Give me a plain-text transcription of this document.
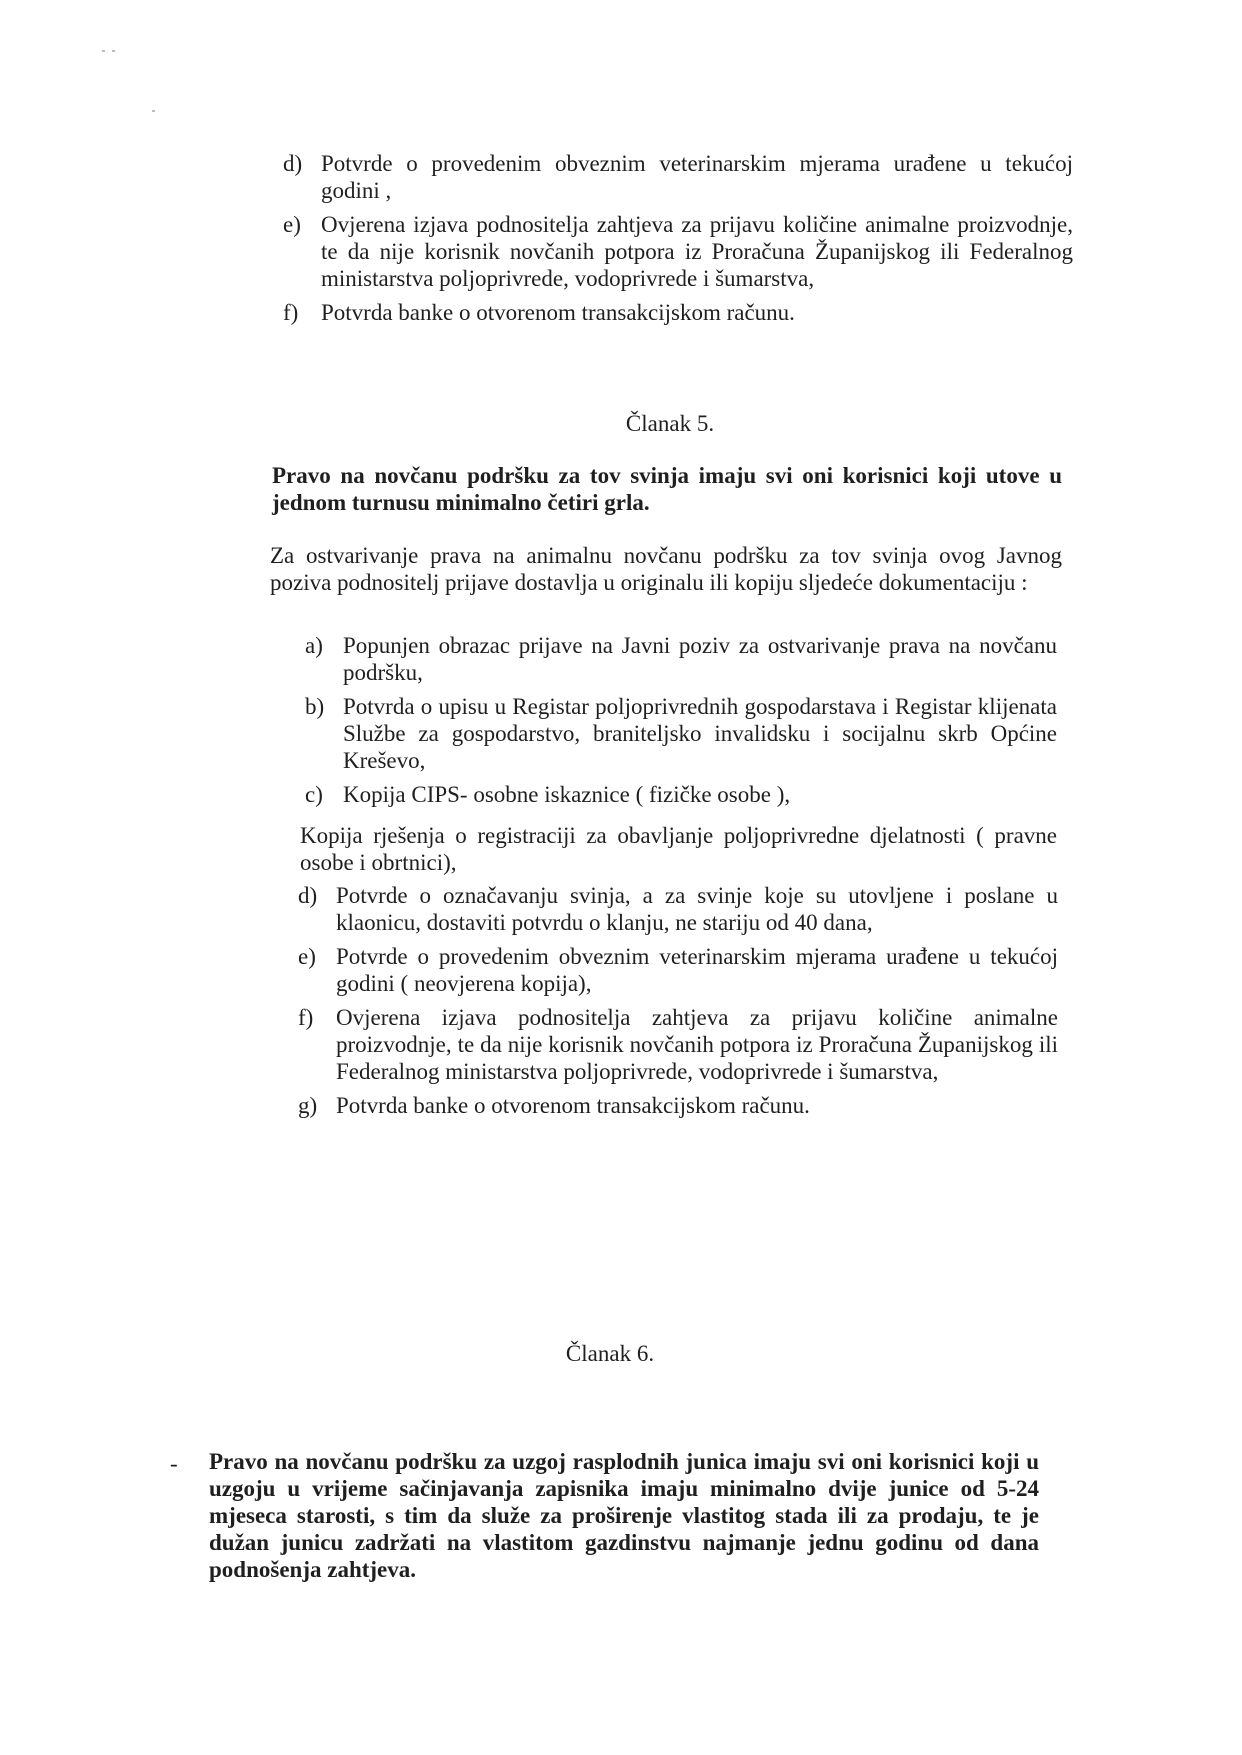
d) Potvrde o provedenim obveznim veterinarskim mjerama urađene u tekućoj godini ,
e) Ovjerena izjava podnositelja zahtjeva za prijavu količine animalne proizvodnje, te da nije korisnik novčanih potpora iz Proračuna Županijskog ili Federalnog ministarstva poljoprivrede, vodoprivrede i šumarstva,
f) Potvrda banke o otvorenom transakcijskom računu.
Članak 5.
Pravo na novčanu podršku za tov svinja imaju svi oni korisnici koji utove u jednom turnusu minimalno četiri grla.
Za ostvarivanje prava na animalnu novčanu podršku za tov svinja ovog Javnog poziva podnositelj prijave dostavlja u originalu ili kopiju sljedeće dokumentaciju :
a) Popunjen obrazac prijave na Javni poziv za ostvarivanje prava na novčanu podršku,
b) Potvrda o upisu u Registar poljoprivrednih gospodarstava i Registar klijenata Službe za gospodarstvo, braniteljsko invalidsku i socijalnu skrb Općine Kreševo,
c) Kopija CIPS- osobne iskaznice ( fizičke osobe ),
Kopija rješenja o registraciji za obavljanje poljoprivredne djelatnosti ( pravne osobe i obrtnici),
d) Potvrde o označavanju svinja, a za svinje koje su utovljene i poslane u klaonicu, dostaviti potvrdu o klanju, ne stariju od 40 dana,
e) Potvrde o provedenim obveznim veterinarskim mjerama urađene u tekućoj godini ( neovjerena kopija),
f) Ovjerena izjava podnositelja zahtjeva za prijavu količine animalne proizvodnje, te da nije korisnik novčanih potpora iz Proračuna Županijskog ili Federalnog ministarstva poljoprivrede, vodoprivrede i šumarstva,
g) Potvrda banke o otvorenom transakcijskom računu.
Članak 6.
- Pravo na novčanu podršku za uzgoj rasplodnih junica imaju svi oni korisnici koji u uzgoju u vrijeme sačinjavanja zapisnika imaju minimalno dvije junice od 5-24 mjeseca starosti, s tim da služe za proširenje vlastitog stada ili za prodaju, te je dužan junicu zadržati na vlastitom gazdinstvu najmanje jednu godinu od dana podnošenja zahtjeva.
